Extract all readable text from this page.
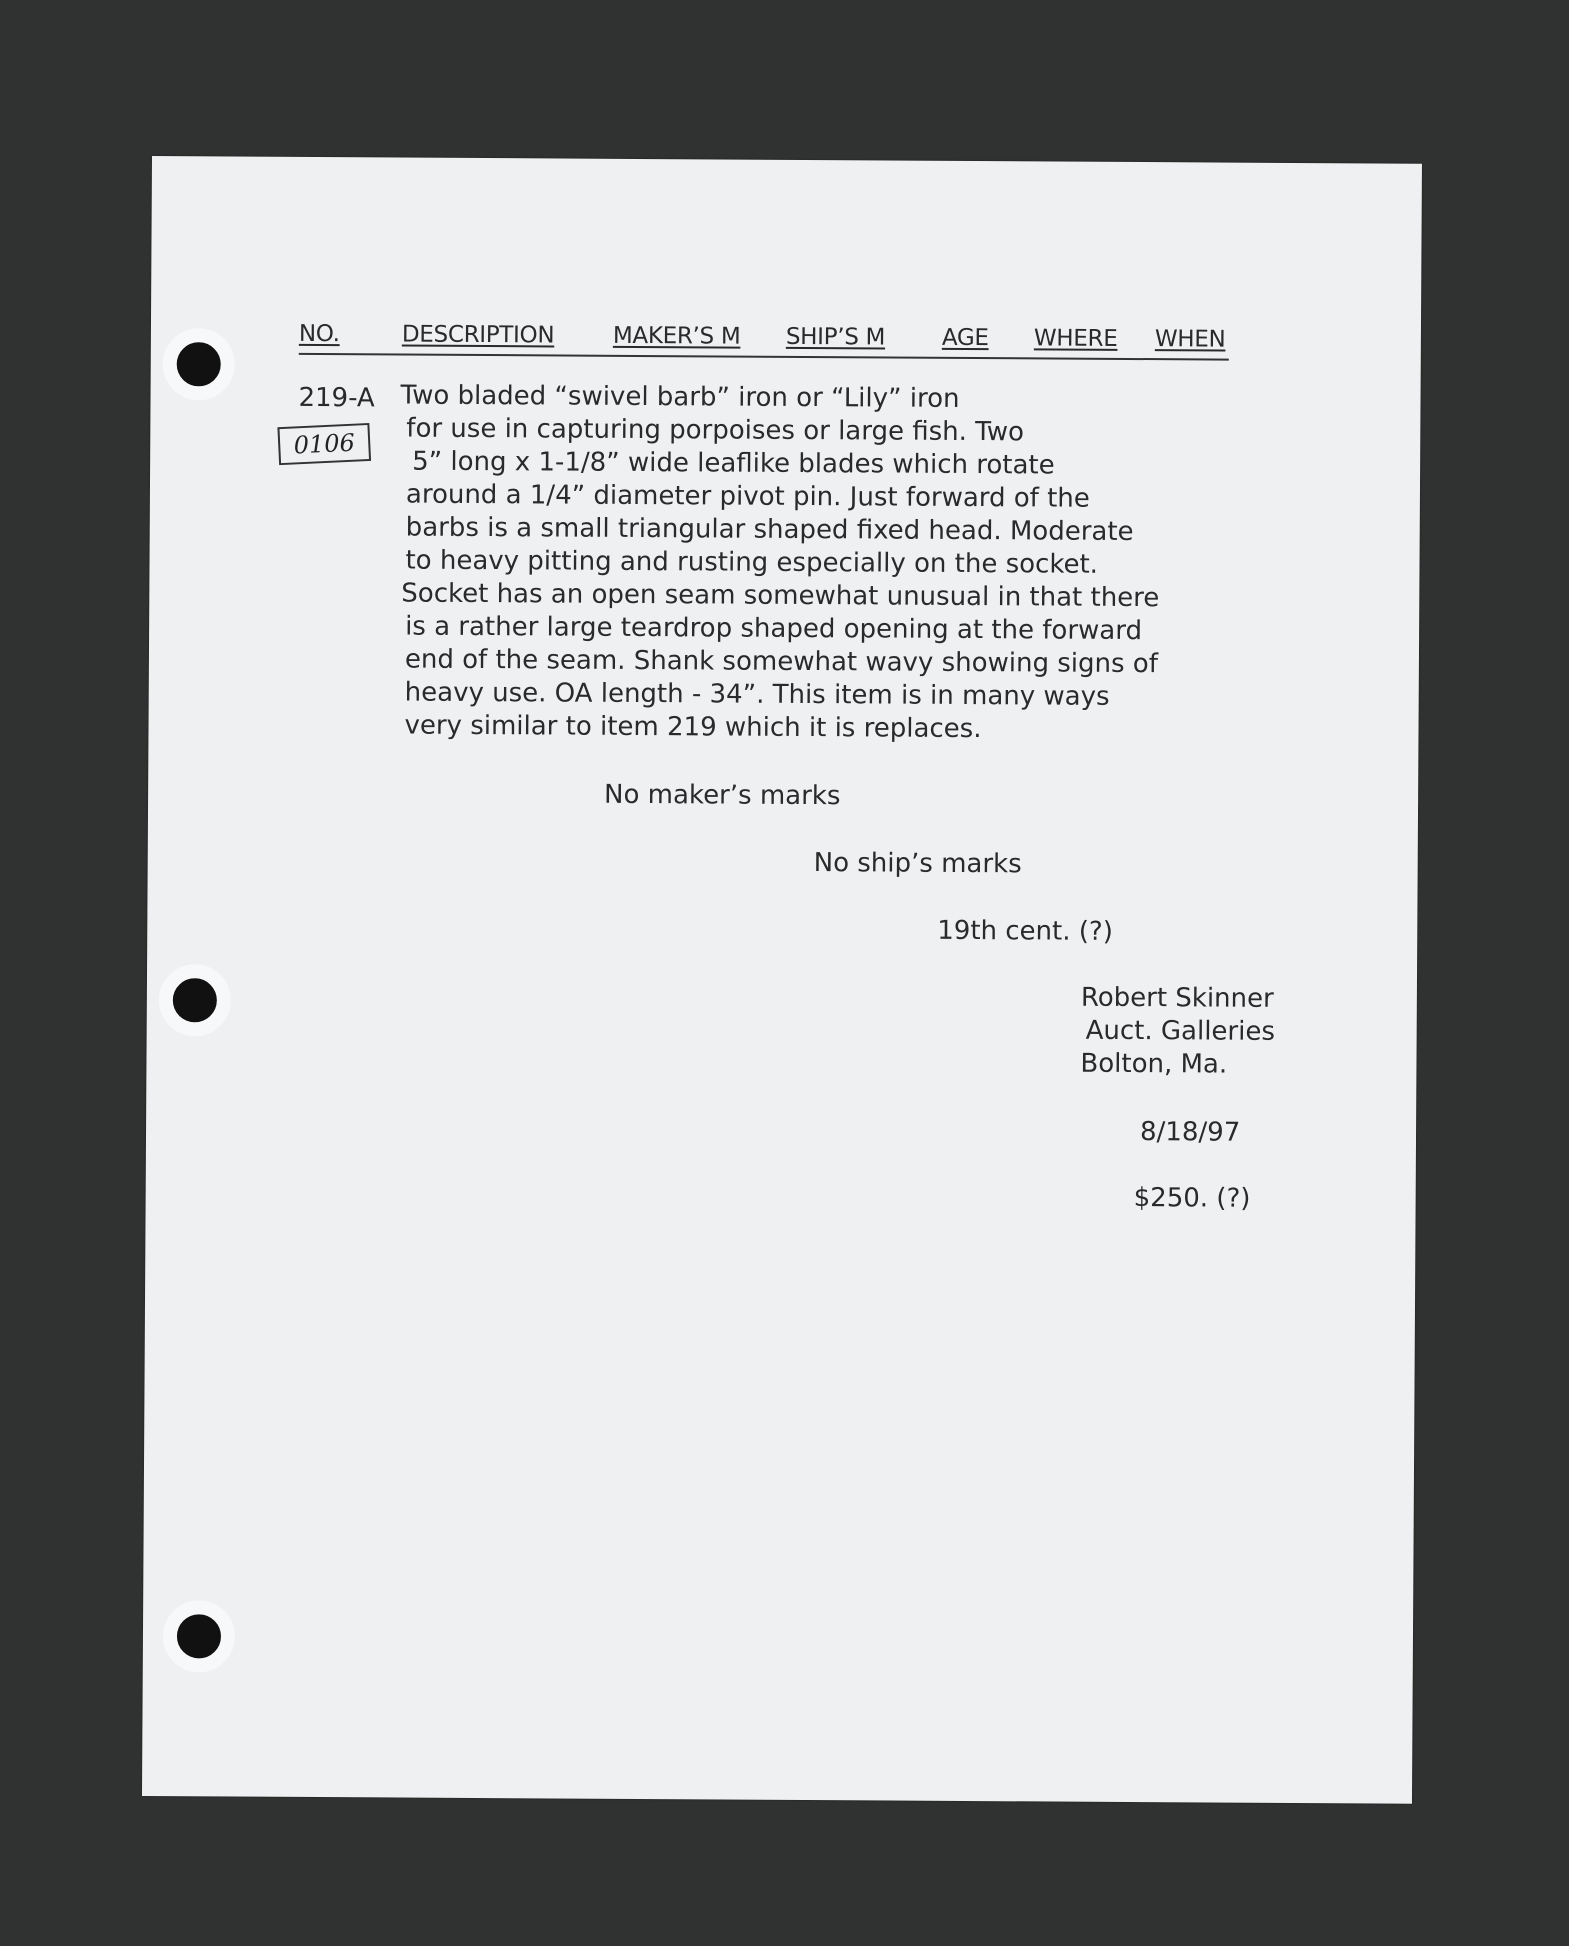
NO.	DESCRIPTION	MAKER’S M SHIP’S M AGE WHERE WHEN
219-A
0106
Two bladed “swivel barb” iron or “Lily” iron
for use in capturing porpoises or large fish. Two
5” long x 1-1/8” wide leaflike blades which rotate
around a 1/4” diameter pivot pin. Just forward of the
barbs is a small triangular shaped fixed head. Moderate
to heavy pitting and rusting especially on the socket.
Socket has an open seam somewhat unusual in that there
is a rather large teardrop shaped opening at the forward
end of the seam. Shank somewhat wavy showing signs of
heavy use. OA length - 34”. This item is in many ways
very similar to item 219 which it is replaces.
No maker’s marks
No ship’s marks
19th cent. (?)
Robert Skinner
Auct. Galleries
Bolton, Ma.
8/18/97
$250. (?)
